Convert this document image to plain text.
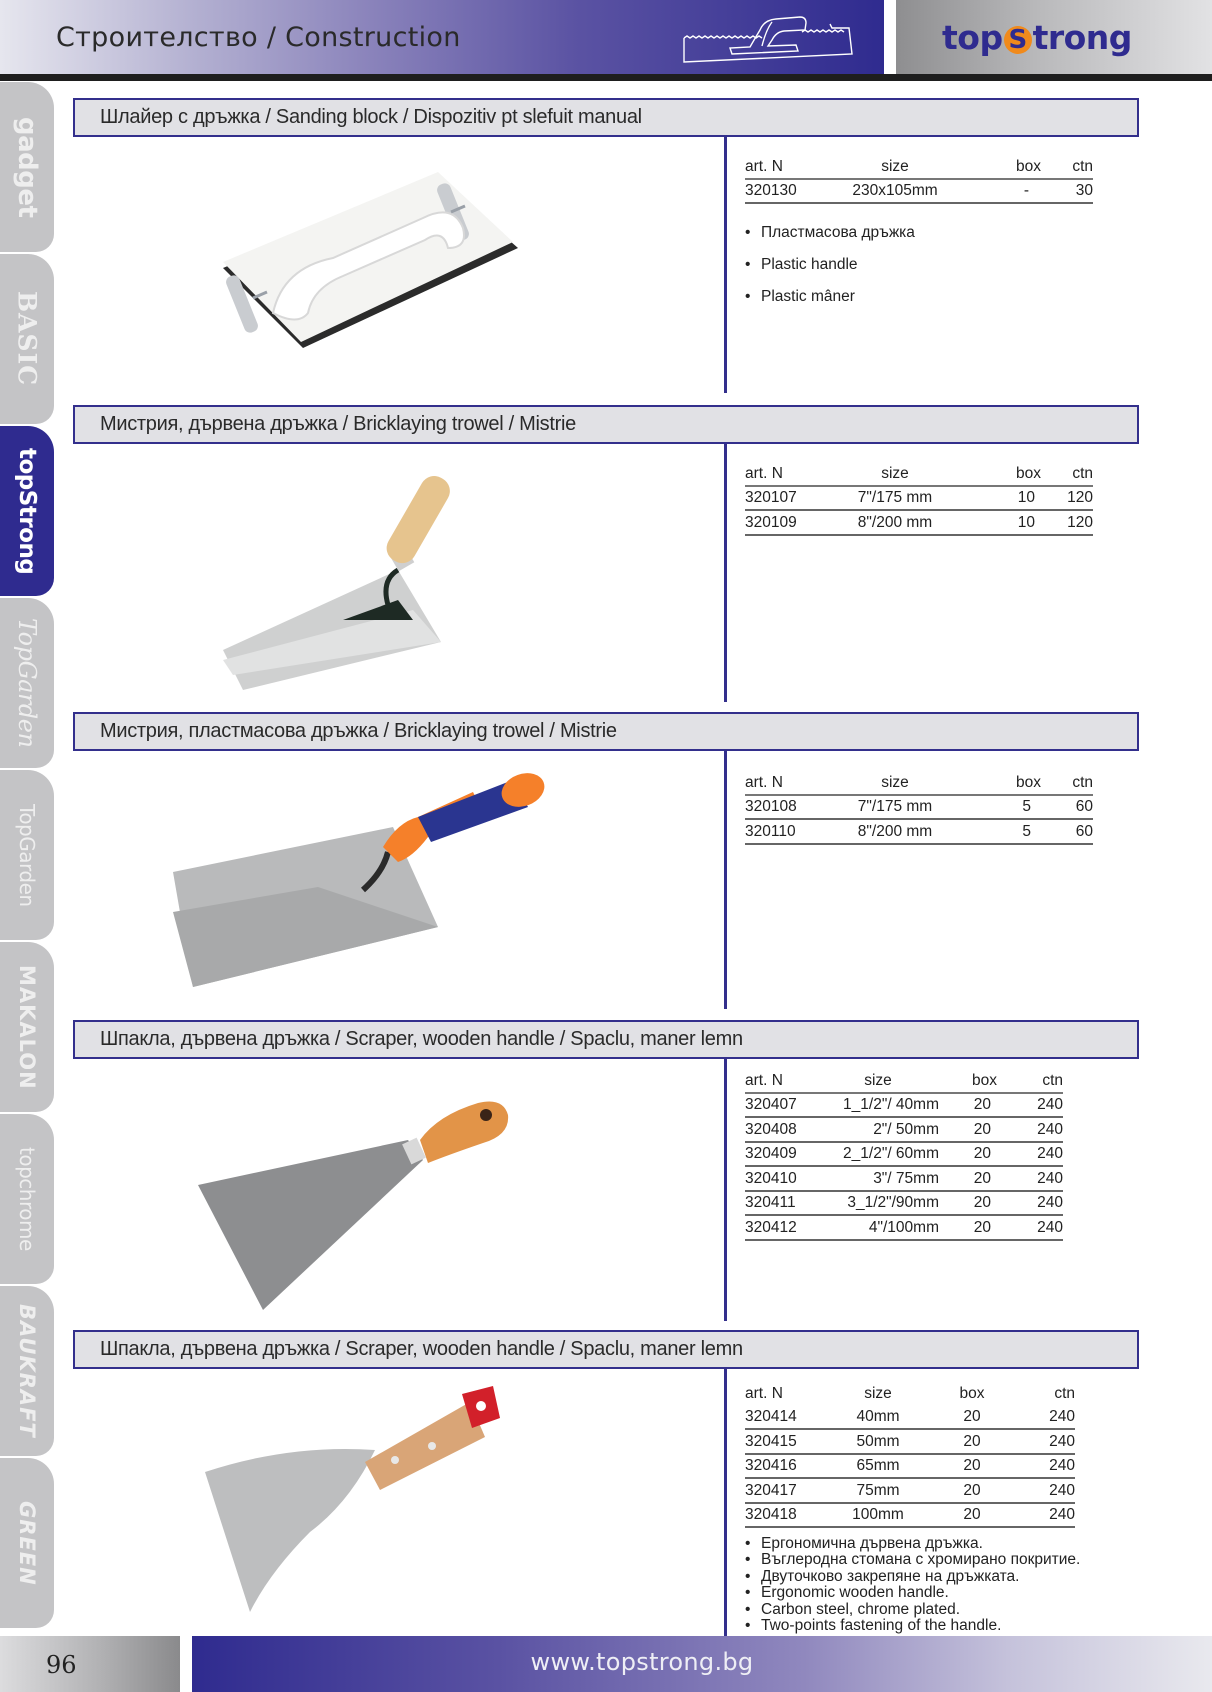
Строителство / Construction	top S trong
gadget
BASIC
topStrong
TopGarden
TopGarden
MAKALON
topchrome
BAUKRAFT
GREEN
Шлайер с дръжка / Sanding block / Dispozitiv pt slefuit manual
art. N	size	box	ctn
320130	230x105mm	-	30
• Пластмасова дръжка
• Plastic handle
• Plastic mâner
Мистрия, дървена дръжка / Bricklaying trowel / Mistrie
art. N	size	box	ctn
320107	7"/175 mm	10	120
320109	8"/200 mm	10	120
Мистрия, пластмасова дръжка / Bricklaying trowel / Mistrie
art. N	size	box	ctn
320108	7"/175 mm	5	60
320110	8"/200 mm	5	60
Шпакла, дървена дръжка / Scraper, wooden handle / Spaclu, maner lemn
art. N	size	box	ctn
320407	1_1/2"/ 40mm	20	240
320408	2"/ 50mm	20	240
320409	2_1/2"/ 60mm	20	240
320410	3"/ 75mm	20	240
320411	3_1/2"/90mm	20	240
320412	4"/100mm	20	240
Шпакла, дървена дръжка / Scraper, wooden handle / Spaclu, maner lemn
art. N	size	box	ctn
320414	40mm	20	240
320415	50mm	20	240
320416	65mm	20	240
320417	75mm	20	240
320418	100mm	20	240
• Ергономична дървена дръжка.
• Въглеродна стомана с хромирано покритие.
• Двуточково закрепяне на дръжката.
• Ergonomic wooden handle.
• Carbon steel, chrome plated.
• Two-points fastening of the handle.
96	www.topstrong.bg
